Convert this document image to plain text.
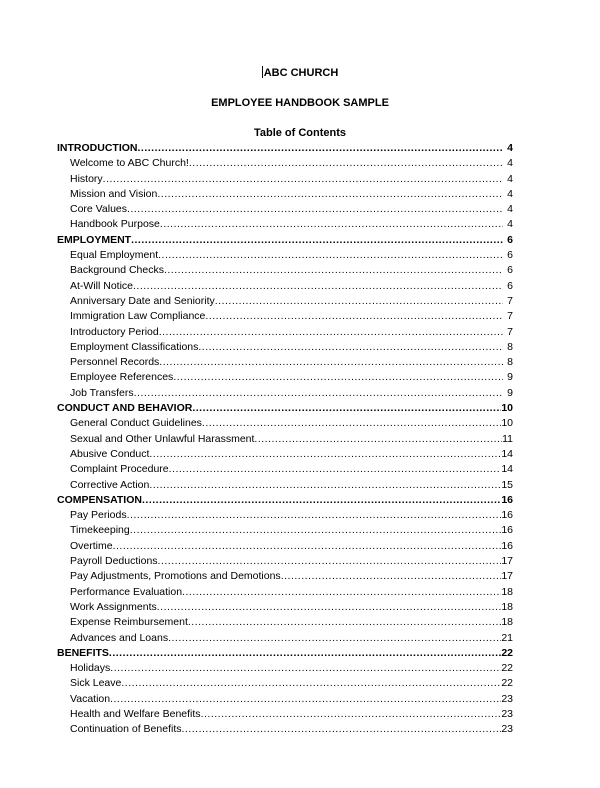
ABC CHURCH
EMPLOYEE HANDBOOK SAMPLE
Table of Contents
INTRODUCTION .....	4
Welcome to ABC Church! .....	4
History .....	4
Mission and Vision .....	4
Core Values .....	4
Handbook Purpose .....	4
EMPLOYMENT .....	6
Equal Employment .....	6
Background Checks .....	6
At-Will Notice .....	6
Anniversary Date and Seniority .....	7
Immigration Law Compliance .....	7
Introductory Period .....	7
Employment Classifications .....	8
Personnel Records .....	8
Employee References .....	9
Job Transfers .....	9
CONDUCT AND BEHAVIOR .....	10
General Conduct Guidelines .....	10
Sexual and Other Unlawful Harassment .....	11
Abusive Conduct .....	14
Complaint Procedure .....	14
Corrective Action .....	15
COMPENSATION .....	16
Pay Periods .....	16
Timekeeping .....	16
Overtime .....	16
Payroll Deductions .....	17
Pay Adjustments, Promotions and Demotions .....	17
Performance Evaluation .....	18
Work Assignments .....	18
Expense Reimbursement .....	18
Advances and Loans .....	21
BENEFITS .....	22
Holidays .....	22
Sick Leave .....	22
Vacation .....	23
Health and Welfare Benefits .....	23
Continuation of Benefits .....	23
